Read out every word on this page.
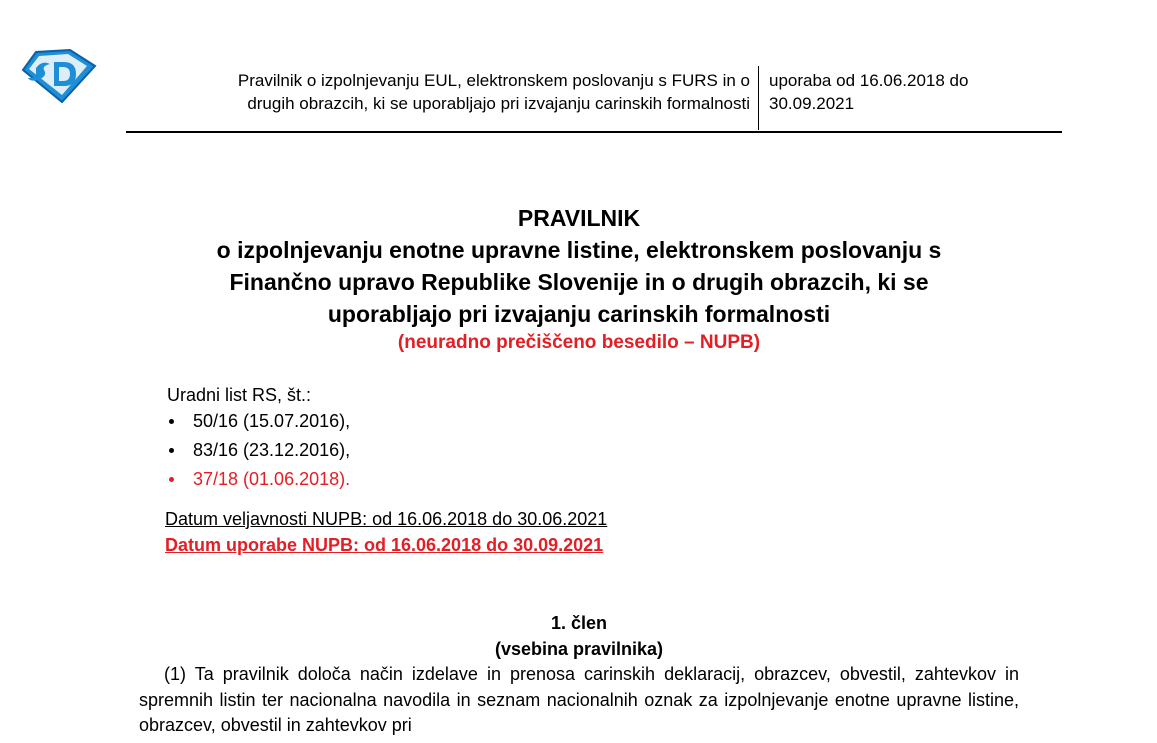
Pravilnik o izpolnjevanju EUL, elektronskem poslovanju s FURS in o
drugih obrazcih, ki se uporabljajo pri izvajanju carinskih formalnosti
uporaba od 16.06.2018 do
30.09.2021
PRAVILNIK
o izpolnjevanju enotne upravne listine, elektronskem poslovanju s
Finančno upravo Republike Slovenije in o drugih obrazcih, ki se
uporabljajo pri izvajanju carinskih formalnosti
(neuradno prečiščeno besedilo – NUPB)
Uradni list RS, št.:
50/16 (15.07.2016),
83/16 (23.12.2016),
37/18 (01.06.2018).
Datum veljavnosti NUPB: od 16.06.2018 do 30.06.2021
Datum uporabe NUPB: od 16.06.2018 do 30.09.2021
1. člen
(vsebina pravilnika)

(1) Ta pravilnik določa način izdelave in prenosa carinskih deklaracij, obrazcev, obvestil, zahtevkov in spremnih listin ter nacionalna navodila in seznam nacionalnih oznak za izpolnjevanje enotne upravne listine, obrazcev, obvestil in zahtevkov pri
